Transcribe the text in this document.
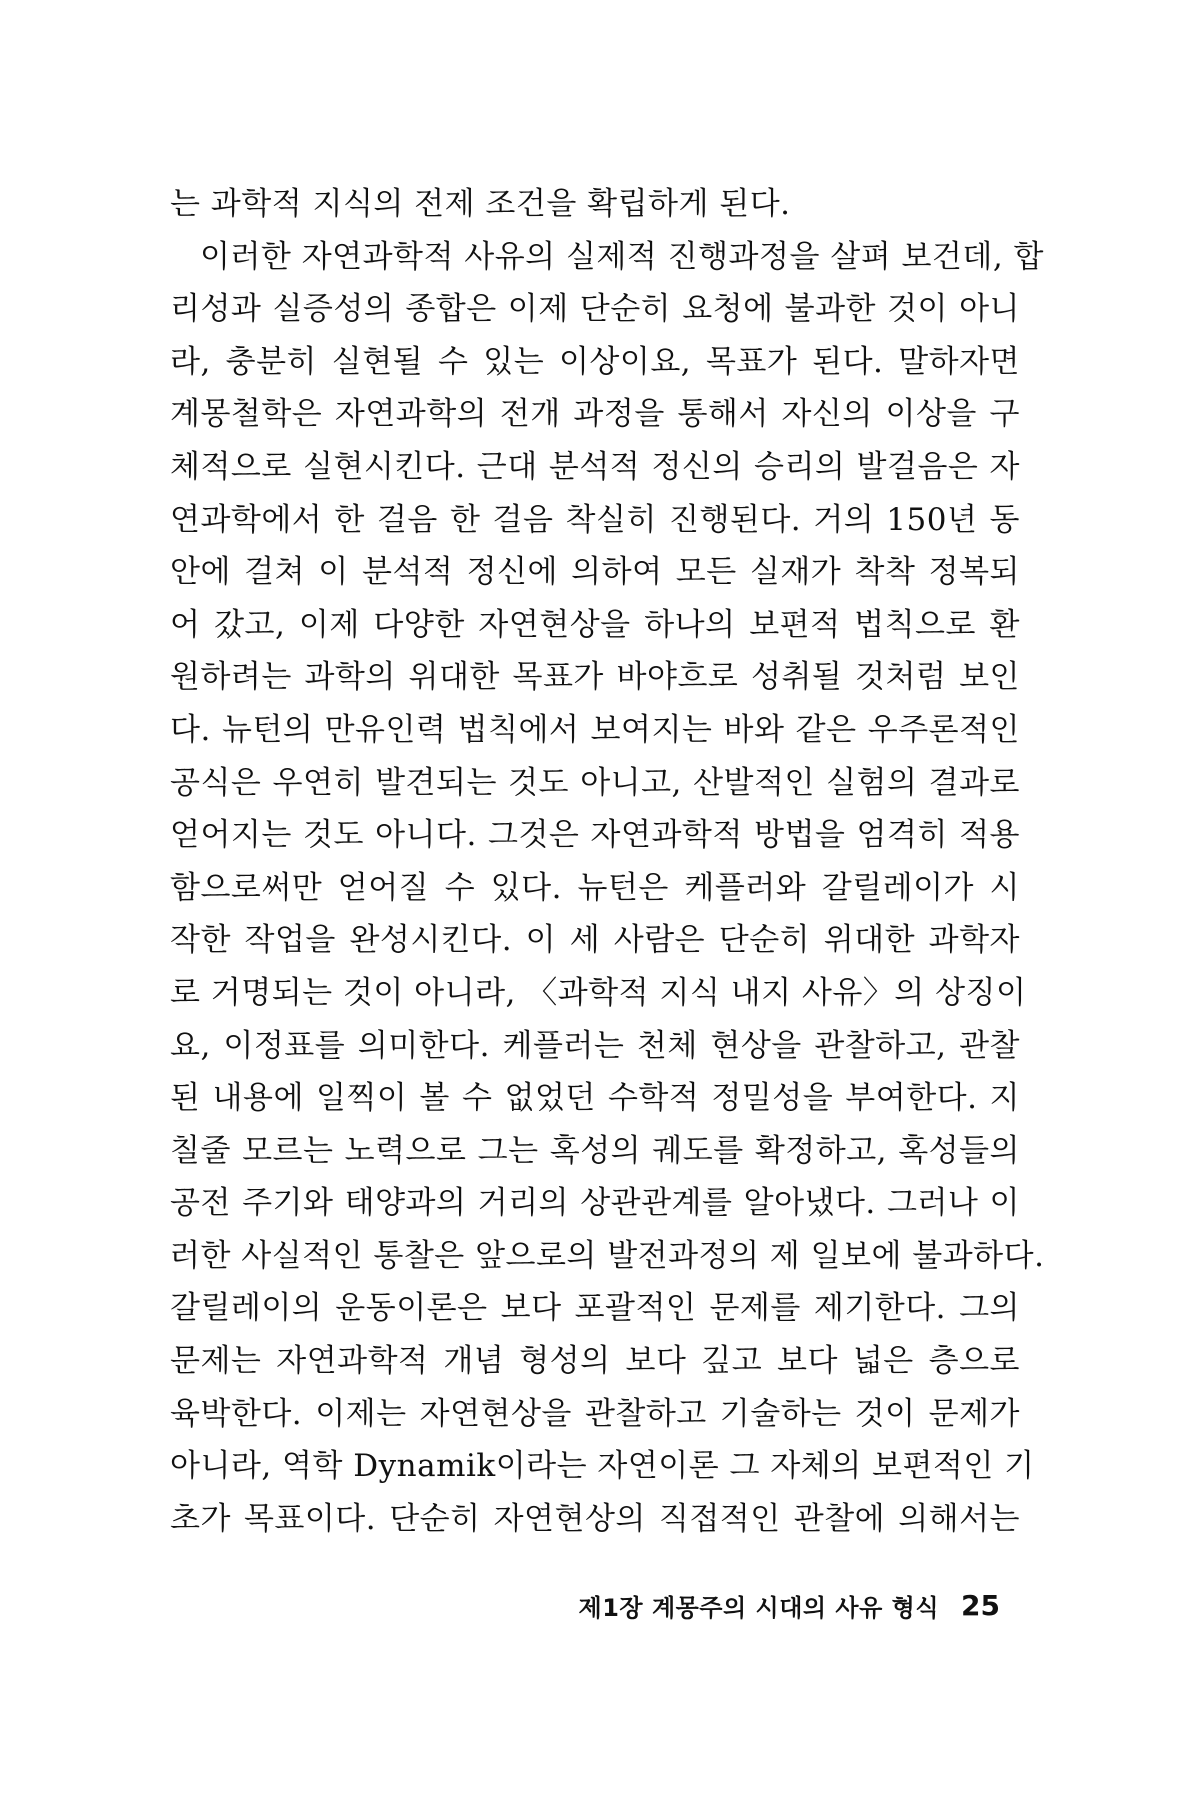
는 과학적 지식의 전제 조건을 확립하게 된다.
이러한 자연과학적 사유의 실제적 진행과정을 살펴 보건데, 합
리성과 실증성의 종합은 이제 단순히 요청에 불과한 것이 아니
라, 충분히 실현될 수 있는 이상이요, 목표가 된다. 말하자면
계몽철학은 자연과학의 전개 과정을 통해서 자신의 이상을 구
체적으로 실현시킨다. 근대 분석적 정신의 승리의 발걸음은 자
연과학에서 한 걸음 한 걸음 착실히 진행된다. 거의 150년 동
안에 걸쳐 이 분석적 정신에 의하여 모든 실재가 착착 정복되
어 갔고, 이제 다양한 자연현상을 하나의 보편적 법칙으로 환
원하려는 과학의 위대한 목표가 바야흐로 성취될 것처럼 보인
다. 뉴턴의 만유인력 법칙에서 보여지는 바와 같은 우주론적인
공식은 우연히 발견되는 것도 아니고, 산발적인 실험의 결과로
얻어지는 것도 아니다. 그것은 자연과학적 방법을 엄격히 적용
함으로써만 얻어질 수 있다. 뉴턴은 케플러와 갈릴레이가 시
작한 작업을 완성시킨다. 이 세 사람은 단순히 위대한 과학자
로 거명되는 것이 아니라, 〈과학적 지식 내지 사유〉의 상징이
요, 이정표를 의미한다. 케플러는 천체 현상을 관찰하고, 관찰
된 내용에 일찍이 볼 수 없었던 수학적 정밀성을 부여한다. 지
칠줄 모르는 노력으로 그는 혹성의 궤도를 확정하고, 혹성들의
공전 주기와 태양과의 거리의 상관관계를 알아냈다. 그러나 이
러한 사실적인 통찰은 앞으로의 발전과정의 제 일보에 불과하다.
갈릴레이의 운동이론은 보다 포괄적인 문제를 제기한다. 그의
문제는 자연과학적 개념 형성의 보다 깊고 보다 넓은 층으로
육박한다. 이제는 자연현상을 관찰하고 기술하는 것이 문제가
아니라, 역학 Dynamik이라는 자연이론 그 자체의 보편적인 기
초가 목표이다. 단순히 자연현상의 직접적인 관찰에 의해서는
제1장 계몽주의 시대의 사유 형식 25
